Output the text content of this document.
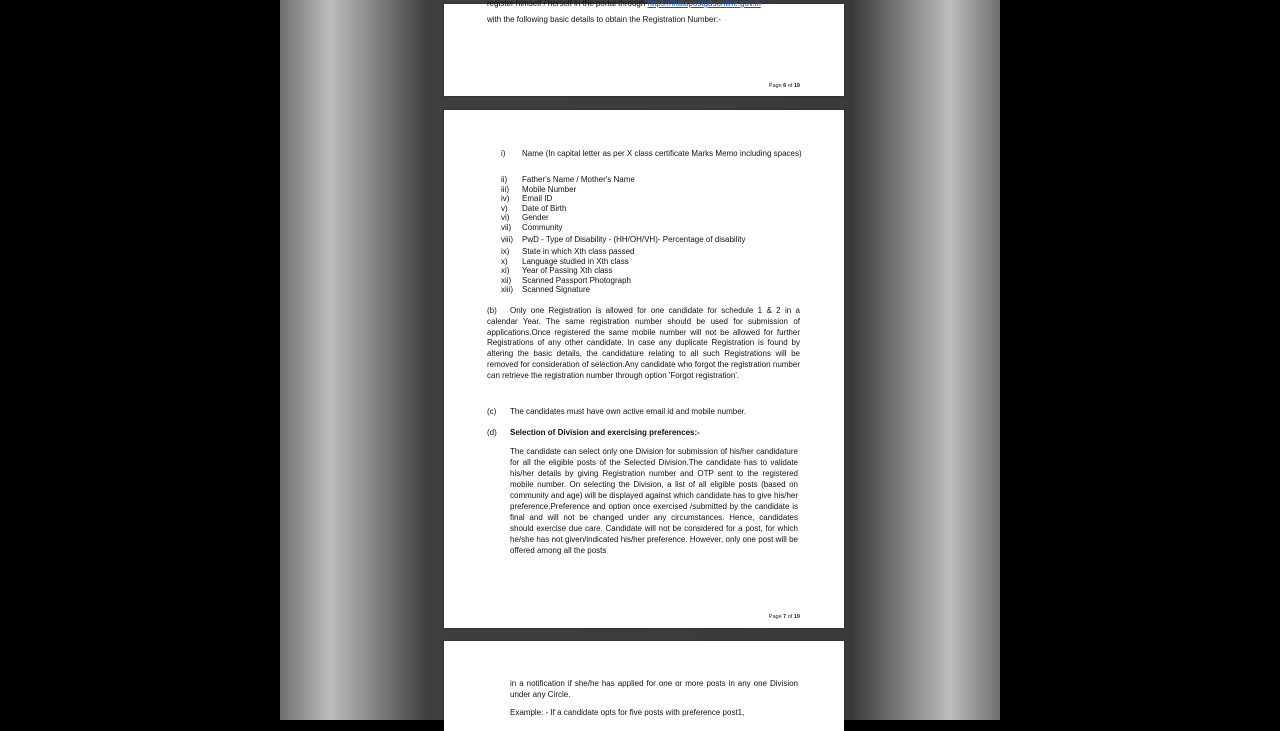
register himself / herself in the portal through https://indiapostgdsonline.gov.in
with the following basic details to obtain the Registration Number:-
Page 6 of 19
i)	Name (In capital letter as per X class certificate Marks Memo including spaces)
ii)	Father's Name / Mother's Name
iii)	Mobile Number
iv)	Email ID
v)	Date of Birth
vi)	Gender
vii)	Community
viii)	PwD - Type of Disability - (HH/OH/VH)- Percentage of disability
ix)	State in which Xth class passed
x)	Language studied in Xth class
xi)	Year of Passing Xth class
xii)	Scanned Passport Photograph
xiii)	Scanned Signature
(b) Only one Registration is allowed for one candidate for schedule 1 & 2 in a calendar Year. The same registration number should be used for submission of applications.Once registered the same mobile number will not be allowed for further Registrations of any other candidate. In case any duplicate Registration is found by altering the basic details, the candidature relating to all such Registrations will be removed for consideration of selection.Any candidate who forgot the registration number can retrieve the registration number through option 'Forgot registration'.
(c) The candidates must have own active email id and mobile number.
(d) Selection of Division and exercising preferences:-
The candidate can select only one Division for submission of his/her candidature for all the eligible posts of the Selected Division.The candidate has to validate his/her details by giving Registration number and OTP sent to the registered mobile number. On selecting the Division, a list of all eligible posts (based on community and age) will be displayed against which candidate has to give his/her preference.Preference and option once exercised /submitted by the candidate is final and will not be changed under any circumstances. Hence, candidates should exercise due care. Candidate will not be considered for a post, for which he/she has not given/indicated his/her preference. However, only one post will be offered among all the posts
Page 7 of 19
in a notification if she/he has applied for one or more posts in any one Division under any Circle.
Example: - If a candidate opts for five posts with preference post1,
